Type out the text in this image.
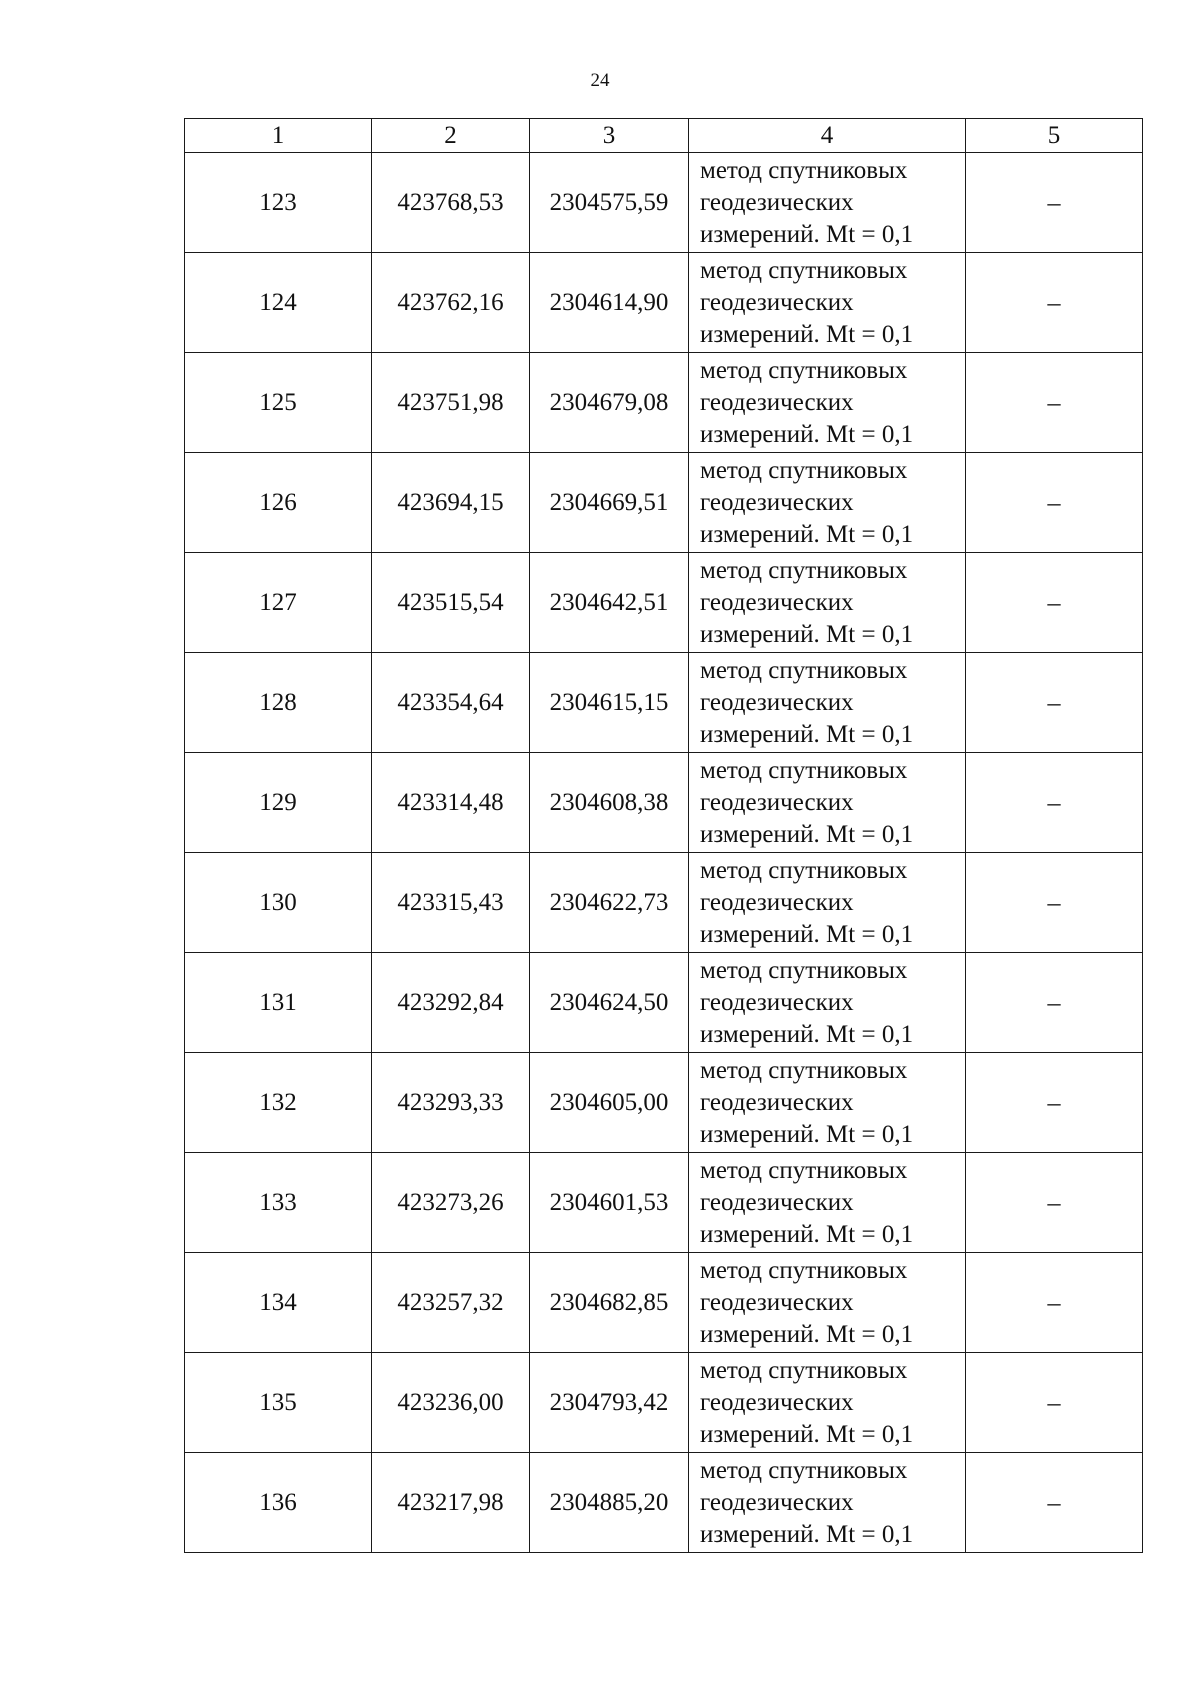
24
1	2	3	4	5
123	423768,53	2304575,59	метод спутниковых
геодезических
измерений. Mt = 0,1	–
124	423762,16	2304614,90	метод спутниковых
геодезических
измерений. Mt = 0,1	–
125	423751,98	2304679,08	метод спутниковых
геодезических
измерений. Mt = 0,1	–
126	423694,15	2304669,51	метод спутниковых
геодезических
измерений. Mt = 0,1	–
127	423515,54	2304642,51	метод спутниковых
геодезических
измерений. Mt = 0,1	–
128	423354,64	2304615,15	метод спутниковых
геодезических
измерений. Mt = 0,1	–
129	423314,48	2304608,38	метод спутниковых
геодезических
измерений. Mt = 0,1	–
130	423315,43	2304622,73	метод спутниковых
геодезических
измерений. Mt = 0,1	–
131	423292,84	2304624,50	метод спутниковых
геодезических
измерений. Mt = 0,1	–
132	423293,33	2304605,00	метод спутниковых
геодезических
измерений. Mt = 0,1	–
133	423273,26	2304601,53	метод спутниковых
геодезических
измерений. Mt = 0,1	–
134	423257,32	2304682,85	метод спутниковых
геодезических
измерений. Mt = 0,1	–
135	423236,00	2304793,42	метод спутниковых
геодезических
измерений. Mt = 0,1	–
136	423217,98	2304885,20	метод спутниковых
геодезических
измерений. Mt = 0,1	–
